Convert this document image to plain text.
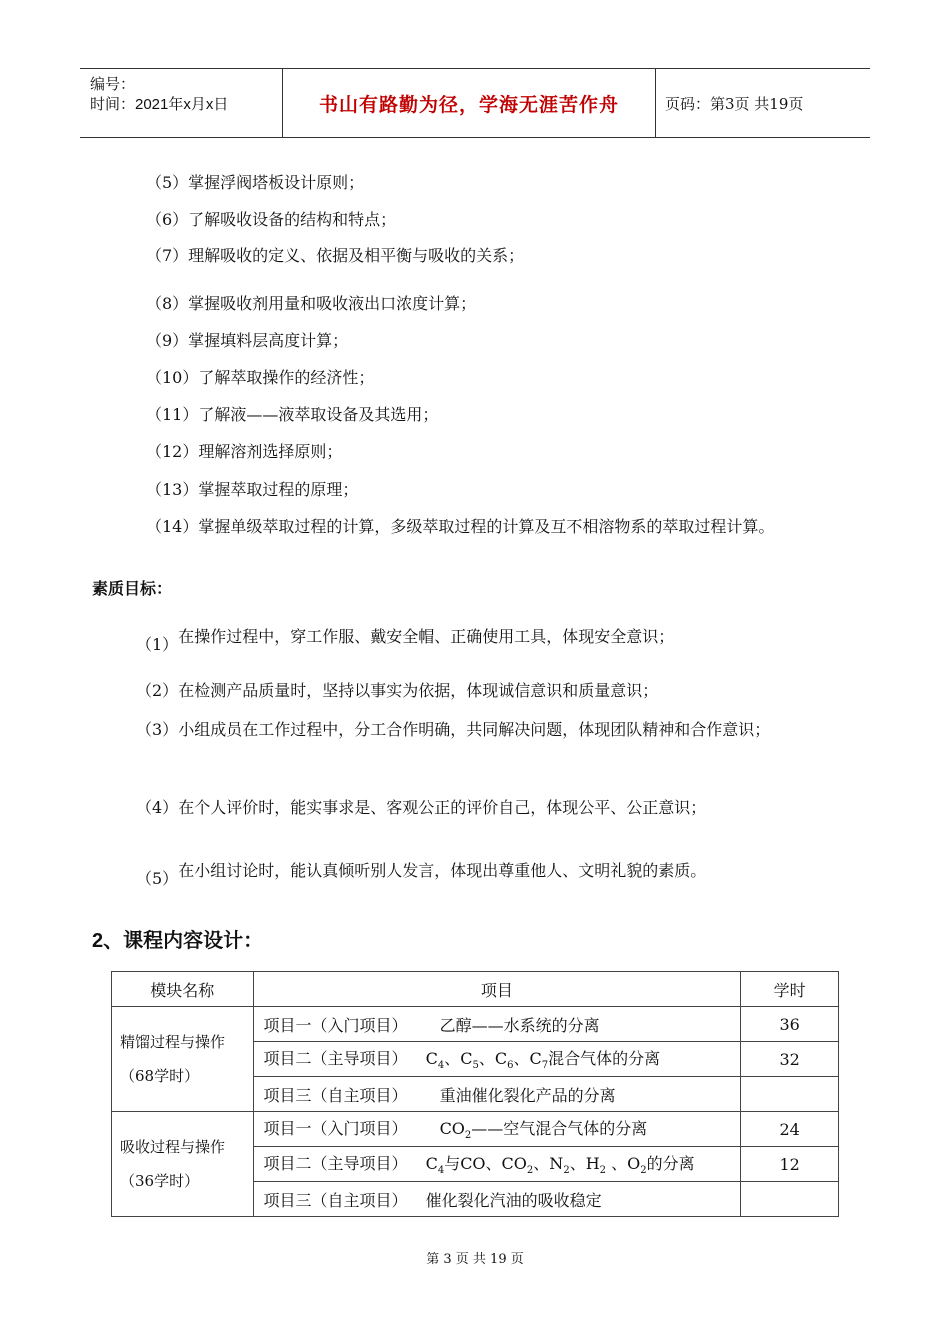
编号：
时间：2021年x月x日	书山有路勤为径，学海无涯苦作舟	页码：第3页 共19页
（5）掌握浮阀塔板设计原则；
（6）了解吸收设备的结构和特点；
（7）理解吸收的定义、依据及相平衡与吸收的关系；
（8）掌握吸收剂用量和吸收液出口浓度计算；
（9）掌握填料层高度计算；
（10）了解萃取操作的经济性；
（11）了解液——液萃取设备及其选用；
（12）理解溶剂选择原则；
（13）掌握萃取过程的原理；
（14）掌握单级萃取过程的计算，多级萃取过程的计算及互不相溶物系的萃取过程计算。
素质目标：
（1）在操作过程中，穿工作服、戴安全帽、正确使用工具，体现安全意识；
（2）在检测产品质量时，坚持以事实为依据，体现诚信意识和质量意识；
（3）小组成员在工作过程中，分工合作明确，共同解决问题，体现团队精神和合作意识；
（4）在个人评价时，能实事求是、客观公正的评价自己，体现公平、公正意识；
（5）在小组讨论时，能认真倾听别人发言，体现出尊重他人、文明礼貌的素质。
2、课程内容设计：
模块名称	项目	学时

精馏过程与操作
（68学时）	项目一（入门项目） 乙醇——水系统的分离	36
	项目二（主导项目） $C_4$、$C_5$、$C_6$、$C_7$混合气体的分离	32
	项目三（自主项目） 重油催化裂化产品的分离	

吸收过程与操作
（36学时）	项目一（入门项目） $CO_2——$空气混合气体的分离	24
	项目二（主导项目） $C_4$与CO、$CO_2$、$N_2$、$H_2$ 、$O_2$的分离	12
	项目三（自主项目） 催化裂化汽油的吸收稳定	
第 3 页 共 19 页
